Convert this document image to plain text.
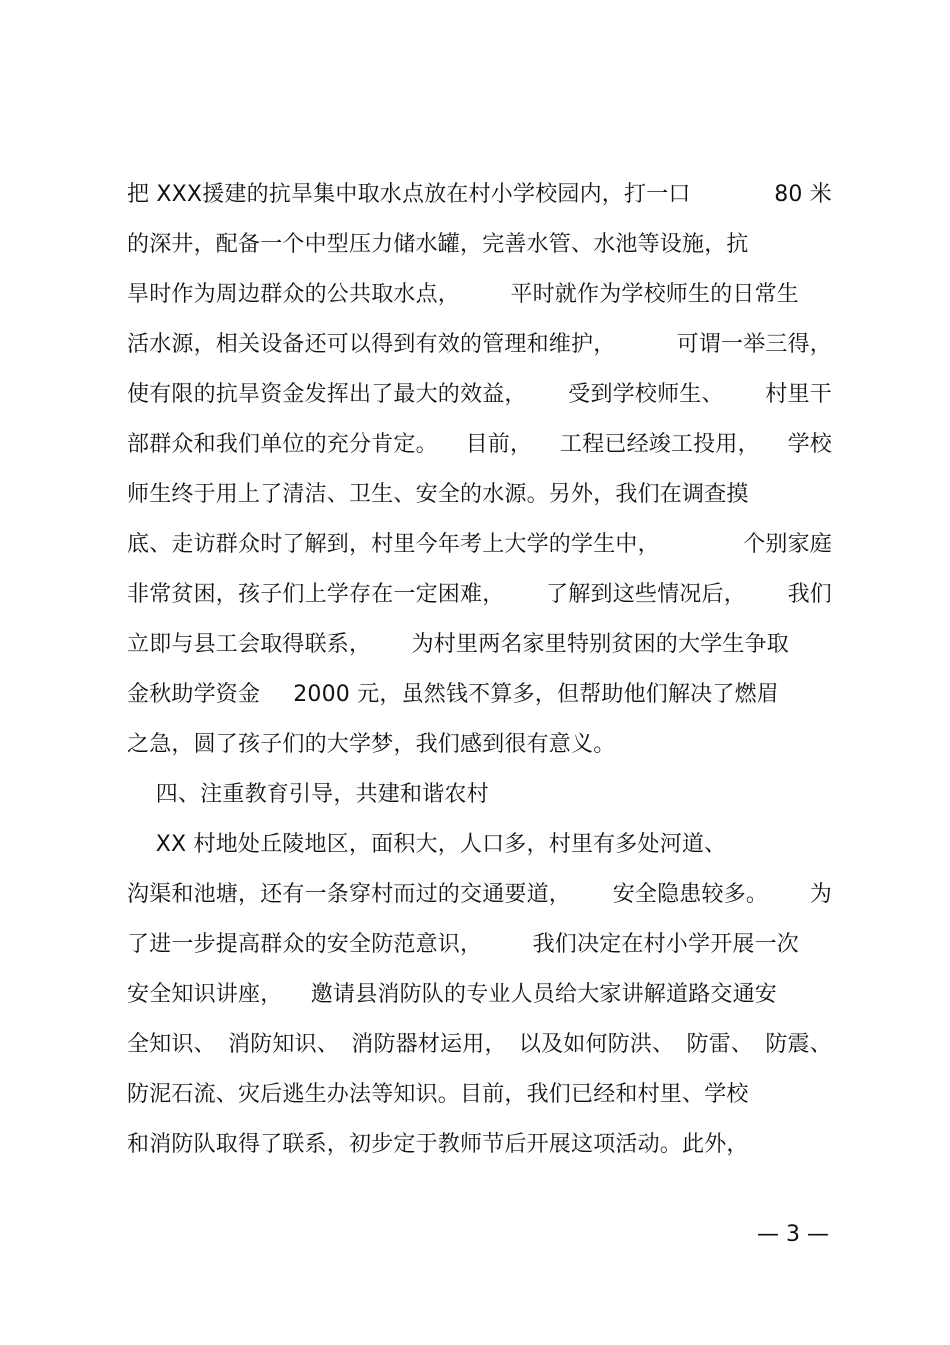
把 XXX援建的抗旱集中取水点放在村小学校园内，打一口	80 米
的深井，配备一个中型压力储水罐，完善水管、水池等设施，抗
旱时作为周边群众的公共取水点， 平时就作为学校师生的日常生
活水源，相关设备还可以得到有效的管理和维护，	可谓一举三得，
使有限的抗旱资金发挥出了最大的效益， 受到学校师生、 村里干
部群众和我们单位的充分肯定。 目前， 工程已经竣工投用， 学校
师生终于用上了清洁、卫生、安全的水源。另外，我们在调查摸
底、走访群众时了解到，村里今年考上大学的学生中，	个别家庭
非常贫困，孩子们上学存在一定困难， 了解到这些情况后， 我们
立即与县工会取得联系， 为村里两名家里特别贫困的大学生争取
金秋助学资金 2000 元，虽然钱不算多，但帮助他们解决了燃眉
之急，圆了孩子们的大学梦，我们感到很有意义。
四、注重教育引导，共建和谐农村
XX 村地处丘陵地区，面积大，人口多，村里有多处河道、
沟渠和池塘，还有一条穿村而过的交通要道， 安全隐患较多。 为
了进一步提高群众的安全防范意识， 我们决定在村小学开展一次
安全知识讲座， 邀请县消防队的专业人员给大家讲解道路交通安
全知识、 消防知识、 消防器材运用， 以及如何防洪、 防雷、 防震、
防泥石流、灾后逃生办法等知识。目前，我们已经和村里、学校
和消防队取得了联系，初步定于教师节后开展这项活动。此外，
— 3 —
